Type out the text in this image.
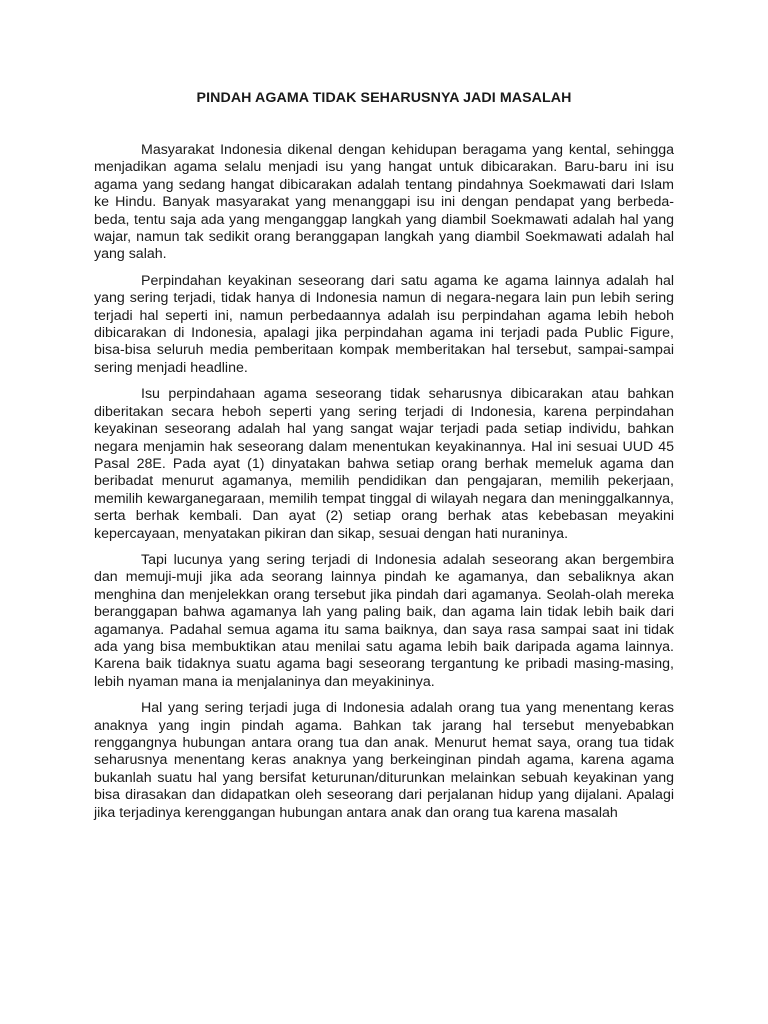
PINDAH AGAMA TIDAK SEHARUSNYA JADI MASALAH

Masyarakat Indonesia dikenal dengan kehidupan beragama yang kental, sehingga menjadikan agama selalu menjadi isu yang hangat untuk dibicarakan. Baru-baru ini isu agama yang sedang hangat dibicarakan adalah tentang pindahnya Soekmawati dari Islam ke Hindu. Banyak masyarakat yang menanggapi isu ini dengan pendapat yang berbeda-beda, tentu saja ada yang menganggap langkah yang diambil Soekmawati adalah hal yang wajar, namun tak sedikit orang beranggapan langkah yang diambil Soekmawati adalah hal yang salah.

Perpindahan keyakinan seseorang dari satu agama ke agama lainnya adalah hal yang sering terjadi, tidak hanya di Indonesia namun di negara-negara lain pun lebih sering terjadi hal seperti ini, namun perbedaannya adalah isu perpindahan agama lebih heboh dibicarakan di Indonesia, apalagi jika perpindahan agama ini terjadi pada Public Figure, bisa-bisa seluruh media pemberitaan kompak memberitakan hal tersebut, sampai-sampai sering menjadi headline.

Isu perpindahaan agama seseorang tidak seharusnya dibicarakan atau bahkan diberitakan secara heboh seperti yang sering terjadi di Indonesia, karena perpindahan keyakinan seseorang adalah hal yang sangat wajar terjadi pada setiap individu, bahkan negara menjamin hak seseorang dalam menentukan keyakinannya. Hal ini sesuai UUD 45 Pasal 28E. Pada ayat (1) dinyatakan bahwa setiap orang berhak memeluk agama dan beribadat menurut agamanya, memilih pendidikan dan pengajaran, memilih pekerjaan, memilih kewarganegaraan, memilih tempat tinggal di wilayah negara dan meninggalkannya, serta berhak kembali. Dan ayat (2) setiap orang berhak atas kebebasan meyakini kepercayaan, menyatakan pikiran dan sikap, sesuai dengan hati nuraninya.

Tapi lucunya yang sering terjadi di Indonesia adalah seseorang akan bergembira dan memuji-muji jika ada seorang lainnya pindah ke agamanya, dan sebaliknya akan menghina dan menjelekkan orang tersebut jika pindah dari agamanya. Seolah-olah mereka beranggapan bahwa agamanya lah yang paling baik, dan agama lain tidak lebih baik dari agamanya. Padahal semua agama itu sama baiknya, dan saya rasa sampai saat ini tidak ada yang bisa membuktikan atau menilai satu agama lebih baik daripada agama lainnya. Karena baik tidaknya suatu agama bagi seseorang tergantung ke pribadi masing-masing, lebih nyaman mana ia menjalaninya dan meyakininya.

Hal yang sering terjadi juga di Indonesia adalah orang tua yang menentang keras anaknya yang ingin pindah agama. Bahkan tak jarang hal tersebut menyebabkan renggangnya hubungan antara orang tua dan anak. Menurut hemat saya, orang tua tidak seharusnya menentang keras anaknya yang berkeinginan pindah agama, karena agama bukanlah suatu hal yang bersifat keturunan/diturunkan melainkan sebuah keyakinan yang bisa dirasakan dan didapatkan oleh seseorang dari perjalanan hidup yang dijalani. Apalagi jika terjadinya kerenggangan hubungan antara anak dan orang tua karena masalah
